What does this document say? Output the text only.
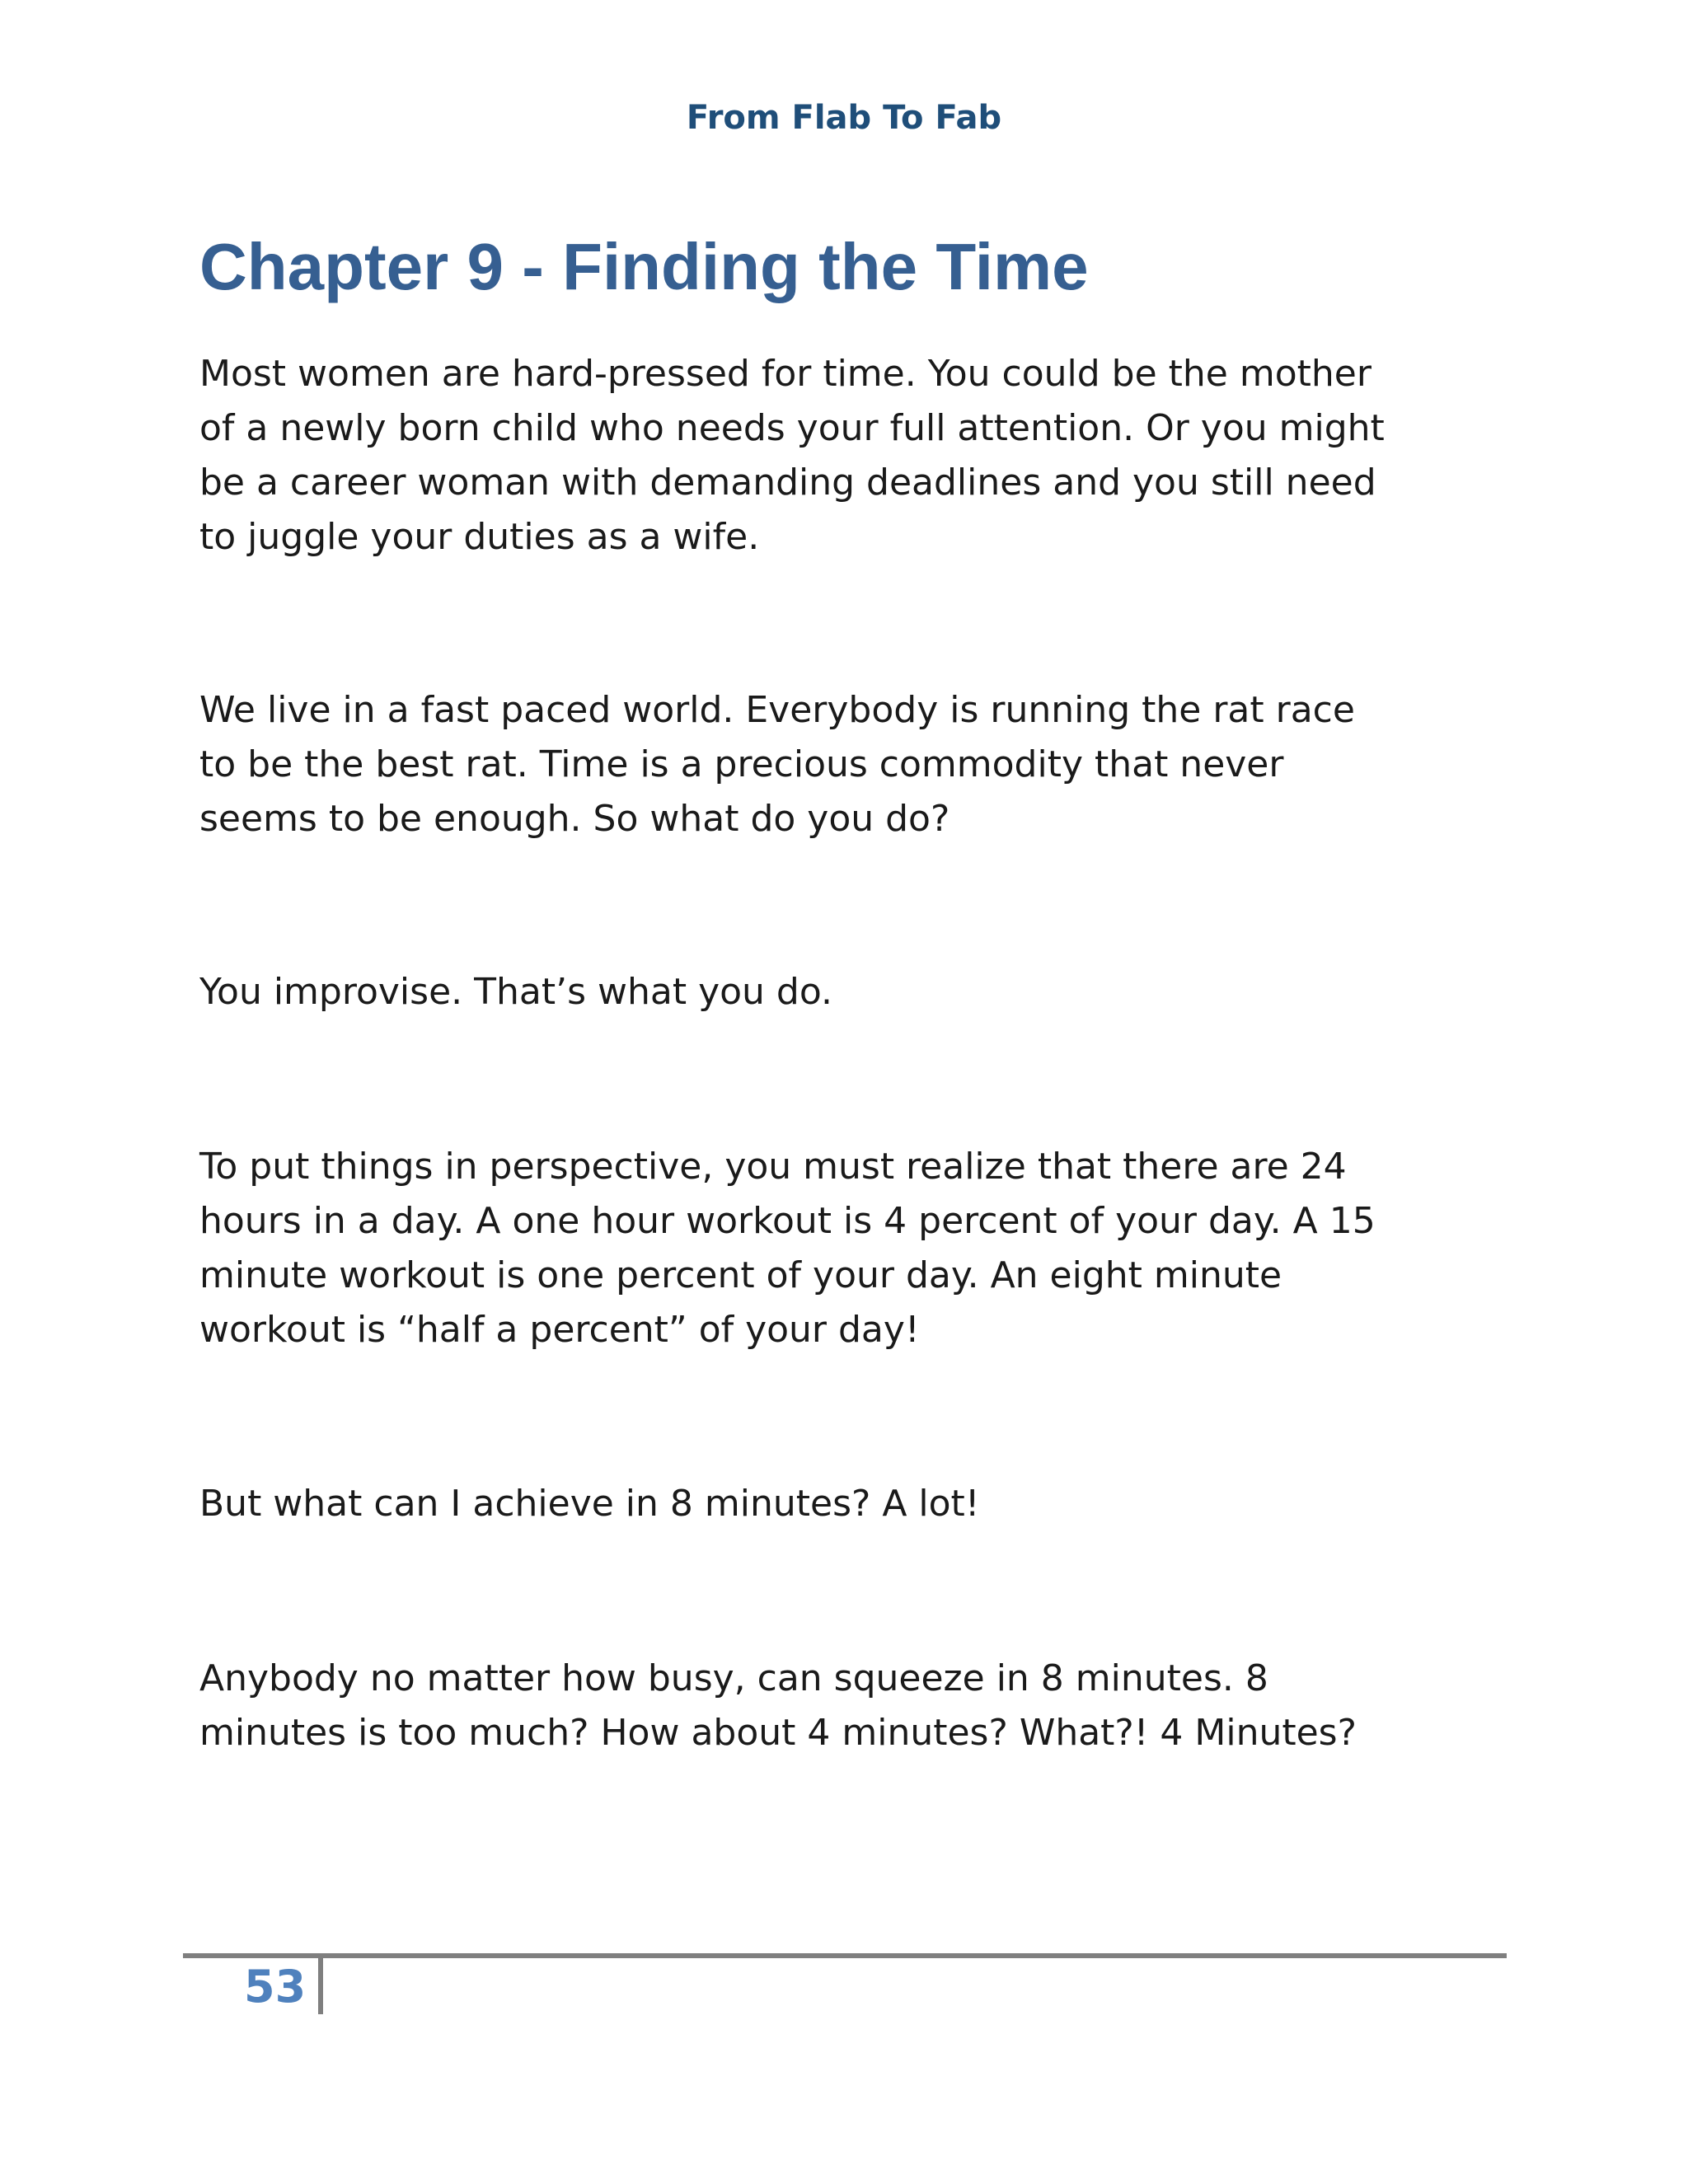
From Flab To Fab
Chapter 9 - Finding the Time

Most women are hard-pressed for time. You could be the mother
of a newly born child who needs your full attention. Or you might
be a career woman with demanding deadlines and you still need
to juggle your duties as a wife.

We live in a fast paced world. Everybody is running the rat race
to be the best rat. Time is a precious commodity that never
seems to be enough. So what do you do?

You improvise. That’s what you do.

To put things in perspective, you must realize that there are 24
hours in a day. A one hour workout is 4 percent of your day. A 15
minute workout is one percent of your day. An eight minute
workout is “half a percent” of your day!

But what can I achieve in 8 minutes? A lot!

Anybody no matter how busy, can squeeze in 8 minutes. 8
minutes is too much? How about 4 minutes? What?! 4 Minutes?

53
